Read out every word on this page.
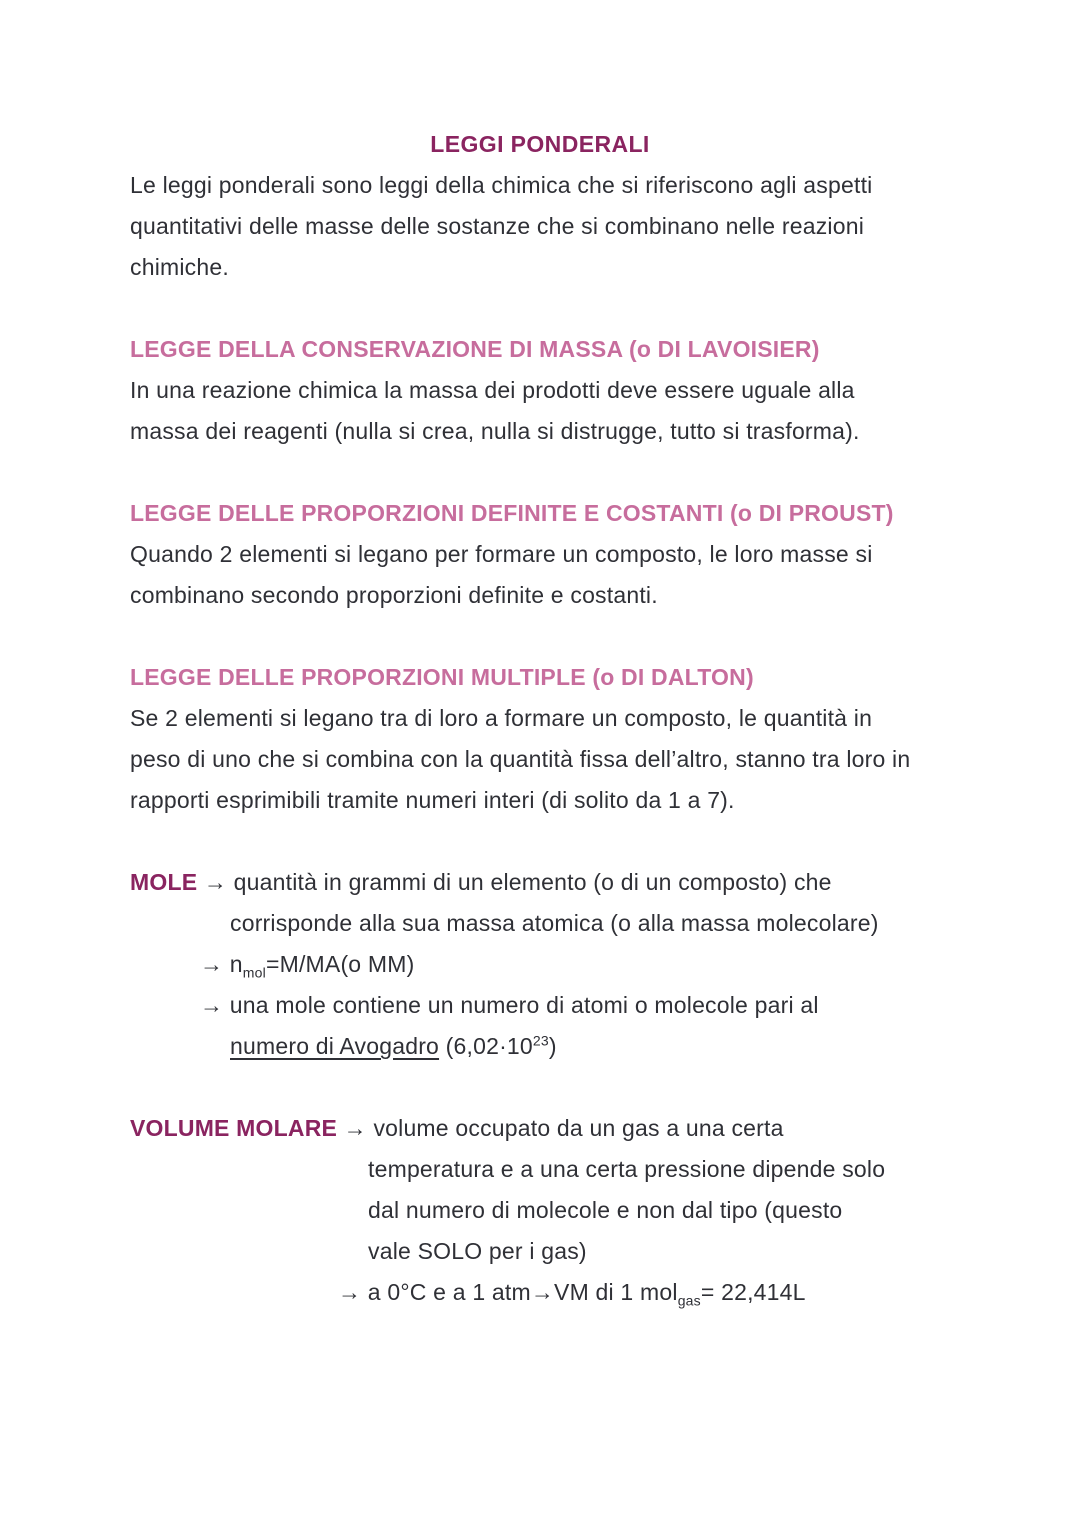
LEGGI PONDERALI

Le leggi ponderali sono leggi della chimica che si riferiscono agli aspetti quantitativi delle masse delle sostanze che si combinano nelle reazioni chimiche.

LEGGE DELLA CONSERVAZIONE DI MASSA (o DI LAVOISIER)

In una reazione chimica la massa dei prodotti deve essere uguale alla massa dei reagenti (nulla si crea, nulla si distrugge, tutto si trasforma).

LEGGE DELLE PROPORZIONI DEFINITE E COSTANTI (o DI PROUST)

Quando 2 elementi si legano per formare un composto, le loro masse si combinano secondo proporzioni definite e costanti.

LEGGE DELLE PROPORZIONI MULTIPLE (o DI DALTON)

Se 2 elementi si legano tra di loro a formare un composto, le quantità in peso di uno che si combina con la quantità fissa dell’altro, stanno tra loro in rapporti esprimibili tramite numeri interi (di solito da 1 a 7).

MOLE → quantità in grammi di un elemento (o di un composto) che corrisponde alla sua massa atomica (o alla massa molecolare)

→ $n_{mol}=M/MA(o$ MM)

→ una mole contiene un numero di atomi o molecole pari al numero di Avogadro $(6,02\cdot 10^{23})$

VOLUME MOLARE → volume occupato da un gas a una certa temperatura e a una certa pressione dipende solo dal numero di molecole e non dal tipo (questo vale SOLO per i gas)

→ a 0°C e a 1 atm→VM di 1 mol$_{gas}$= 22,414L
